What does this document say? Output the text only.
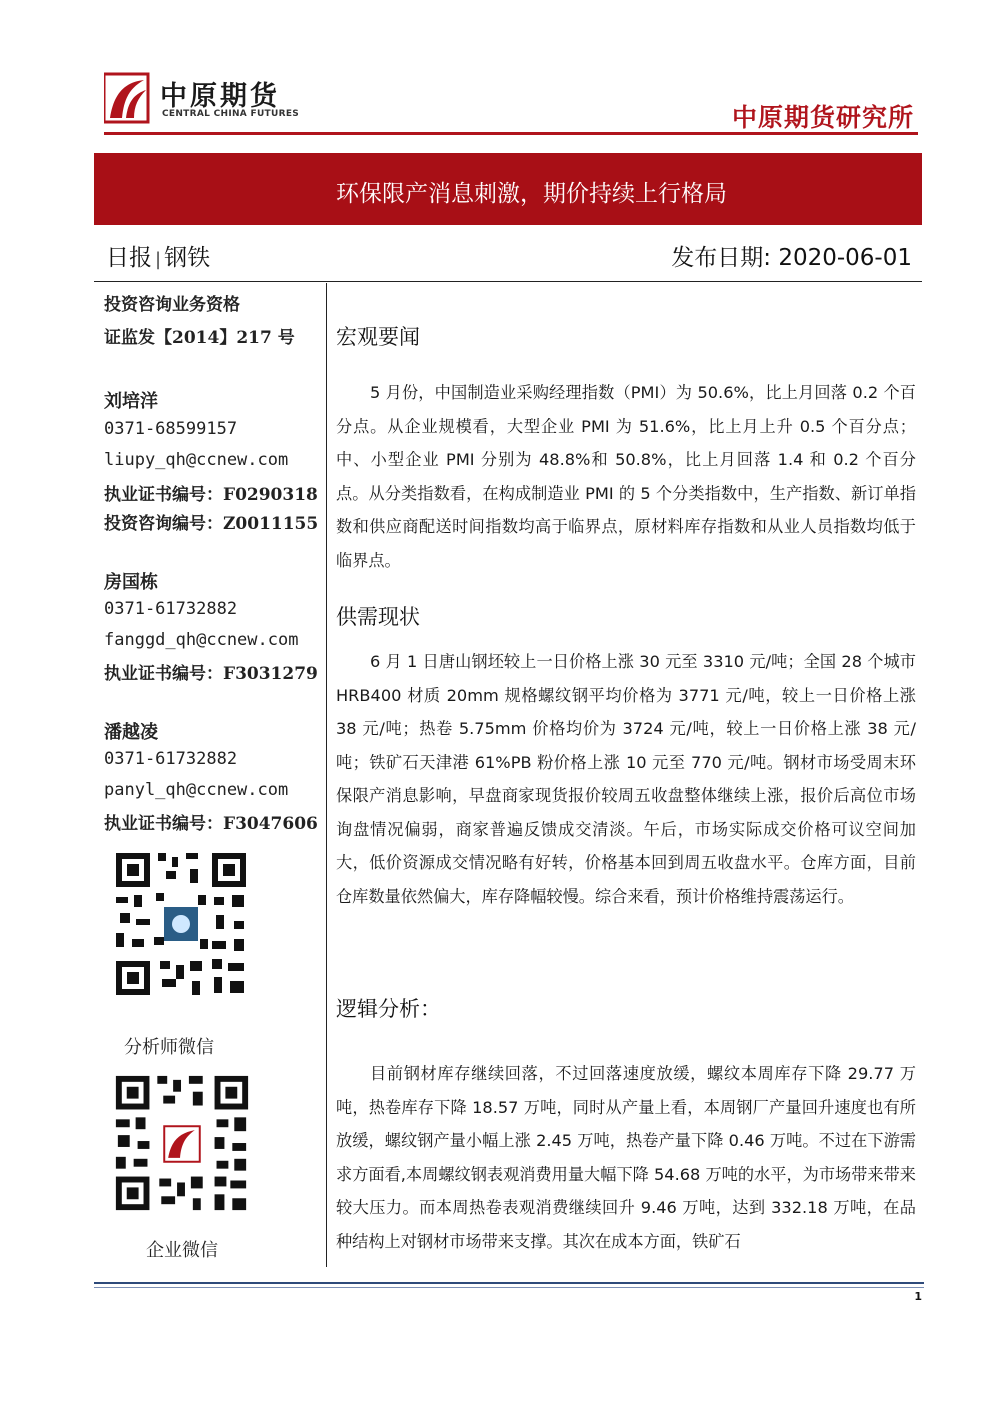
中原期货
CENTRAL CHINA FUTURES	中原期货研究所
环保限产消息刺激，期价持续上行格局
日报 | 钢铁	发布日期: 2020-06-01
投资咨询业务资格
证监发【2014】217 号
刘培洋
0371-68599157
liupy_qh@ccnew.com
执业证书编号：F0290318
投资咨询编号：Z0011155
房国栋
0371-61732882
fanggd_qh@ccnew.com
执业证书编号：F3031279
潘越凌
0371-61732882
panyl_qh@ccnew.com
执业证书编号：F3047606
分析师微信
企业微信
宏观要闻
5 月份，中国制造业采购经理指数（PMI）为 50.6%，比上月回落 0.2 个百分点。从企业规模看，大型企业 PMI 为 51.6%，比上月上升 0.5 个百分点；中、小型企业 PMI 分别为 48.8%和 50.8%，比上月回落 1.4 和 0.2 个百分点。从分类指数看，在构成制造业 PMI 的 5 个分类指数中，生产指数、新订单指数和供应商配送时间指数均高于临界点，原材料库存指数和从业人员指数均低于临界点。
供需现状
6 月 1 日唐山钢坯较上一日价格上涨 30 元至 3310 元/吨；全国 28 个城市 HRB400 材质 20mm 规格螺纹钢平均价格为 3771 元/吨，较上一日价格上涨 38 元/吨；热卷 5.75mm 价格均价为 3724 元/吨，较上一日价格上涨 38 元/吨；铁矿石天津港 61%PB 粉价格上涨 10 元至 770 元/吨。钢材市场受周末环保限产消息影响，早盘商家现货报价较周五收盘整体继续上涨，报价后高位市场询盘情况偏弱，商家普遍反馈成交清淡。午后，市场实际成交价格可议空间加大，低价资源成交情况略有好转，价格基本回到周五收盘水平。仓库方面，目前仓库数量依然偏大，库存降幅较慢。综合来看，预计价格维持震荡运行。
逻辑分析：
目前钢材库存继续回落，不过回落速度放缓，螺纹本周库存下降 29.77 万吨，热卷库存下降 18.57 万吨，同时从产量上看，本周钢厂产量回升速度也有所放缓，螺纹钢产量小幅上涨 2.45 万吨，热卷产量下降 0.46 万吨。不过在下游需求方面看,本周螺纹钢表观消费用量大幅下降 54.68 万吨的水平，为市场带来带来较大压力。而本周热卷表观消费继续回升 9.46 万吨，达到 332.18 万吨，在品种结构上对钢材市场带来支撑。其次在成本方面，铁矿石
1
